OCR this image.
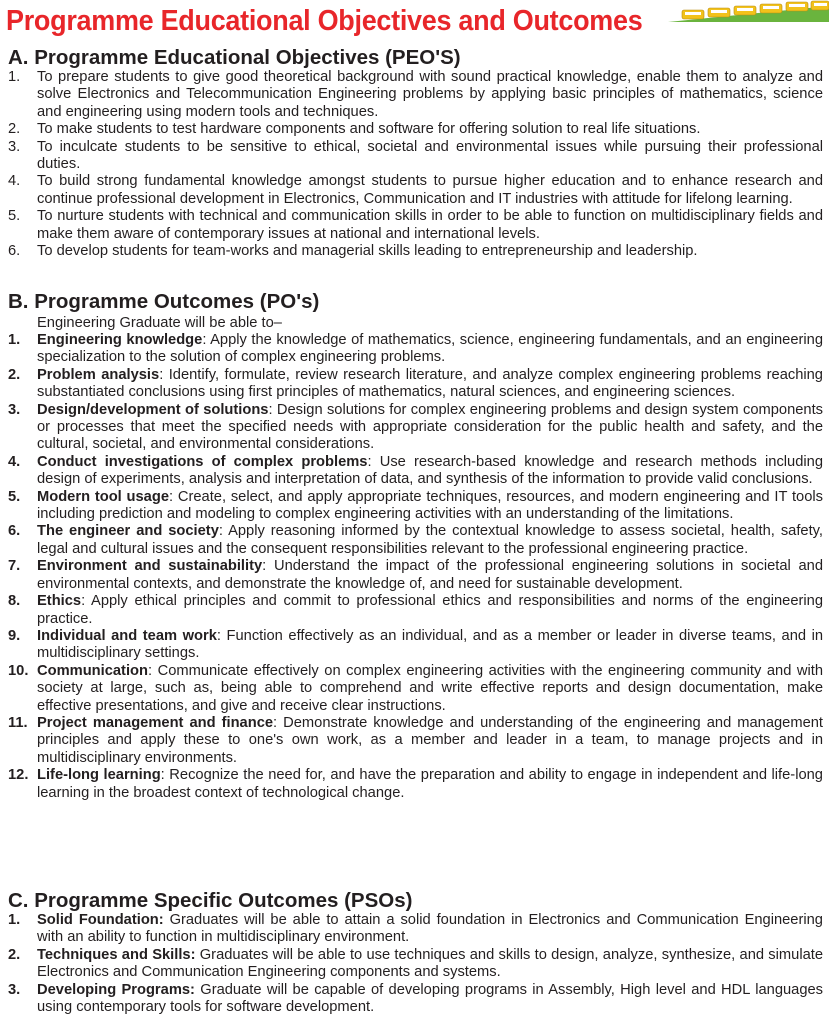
Programme Educational Objectives and Outcomes
A. Programme Educational Objectives (PEO'S)
1. To prepare students to give good theoretical background with sound practical knowledge, enable them to analyze and solve Electronics and Telecommunication Engineering problems by applying basic principles of mathematics, science and engineering using modern tools and techniques.
2. To make students to test hardware components and software for offering solution to real life situations.
3. To inculcate students to be sensitive to ethical, societal and environmental issues while pursuing their professional duties.
4. To build strong fundamental knowledge amongst students to pursue higher education and to enhance research and continue professional development in Electronics, Communication and IT industries with attitude for lifelong learning.
5. To nurture students with technical and communication skills in order to be able to function on multidisciplinary fields and make them aware of contemporary issues at national and international levels.
6. To develop students for team-works and managerial skills leading to entrepreneurship and leadership.
B. Programme Outcomes (PO's)
Engineering Graduate will be able to–
1. Engineering knowledge: Apply the knowledge of mathematics, science, engineering fundamentals, and an engineering specialization to the solution of complex engineering problems.
2. Problem analysis: Identify, formulate, review research literature, and analyze complex engineering problems reaching substantiated conclusions using first principles of mathematics, natural sciences, and engineering sciences.
3. Design/development of solutions: Design solutions for complex engineering problems and design system components or processes that meet the specified needs with appropriate consideration for the public health and safety, and the cultural, societal, and environmental considerations.
4. Conduct investigations of complex problems: Use research-based knowledge and research methods including design of experiments, analysis and interpretation of data, and synthesis of the information to provide valid conclusions.
5. Modern tool usage: Create, select, and apply appropriate techniques, resources, and modern engineering and IT tools including prediction and modeling to complex engineering activities with an understanding of the limitations.
6. The engineer and society: Apply reasoning informed by the contextual knowledge to assess societal, health, safety, legal and cultural issues and the consequent responsibilities relevant to the professional engineering practice.
7. Environment and sustainability: Understand the impact of the professional engineering solutions in societal and environmental contexts, and demonstrate the knowledge of, and need for sustainable development.
8. Ethics: Apply ethical principles and commit to professional ethics and responsibilities and norms of the engineering practice.
9. Individual and team work: Function effectively as an individual, and as a member or leader in diverse teams, and in multidisciplinary settings.
10. Communication: Communicate effectively on complex engineering activities with the engineering community and with society at large, such as, being able to comprehend and write effective reports and design documentation, make effective presentations, and give and receive clear instructions.
11. Project management and finance: Demonstrate knowledge and understanding of the engineering and management principles and apply these to one's own work, as a member and leader in a team, to manage projects and in multidisciplinary environments.
12. Life-long learning: Recognize the need for, and have the preparation and ability to engage in independent and life-long learning in the broadest context of technological change.
C. Programme Specific Outcomes (PSOs)
1. Solid Foundation: Graduates will be able to attain a solid foundation in Electronics and Communication Engineering with an ability to function in multidisciplinary environment.
2. Techniques and Skills: Graduates will be able to use techniques and skills to design, analyze, synthesize, and simulate Electronics and Communication Engineering components and systems.
3. Developing Programs: Graduate will be capable of developing programs in Assembly, High level and HDL languages using contemporary tools for software development.
